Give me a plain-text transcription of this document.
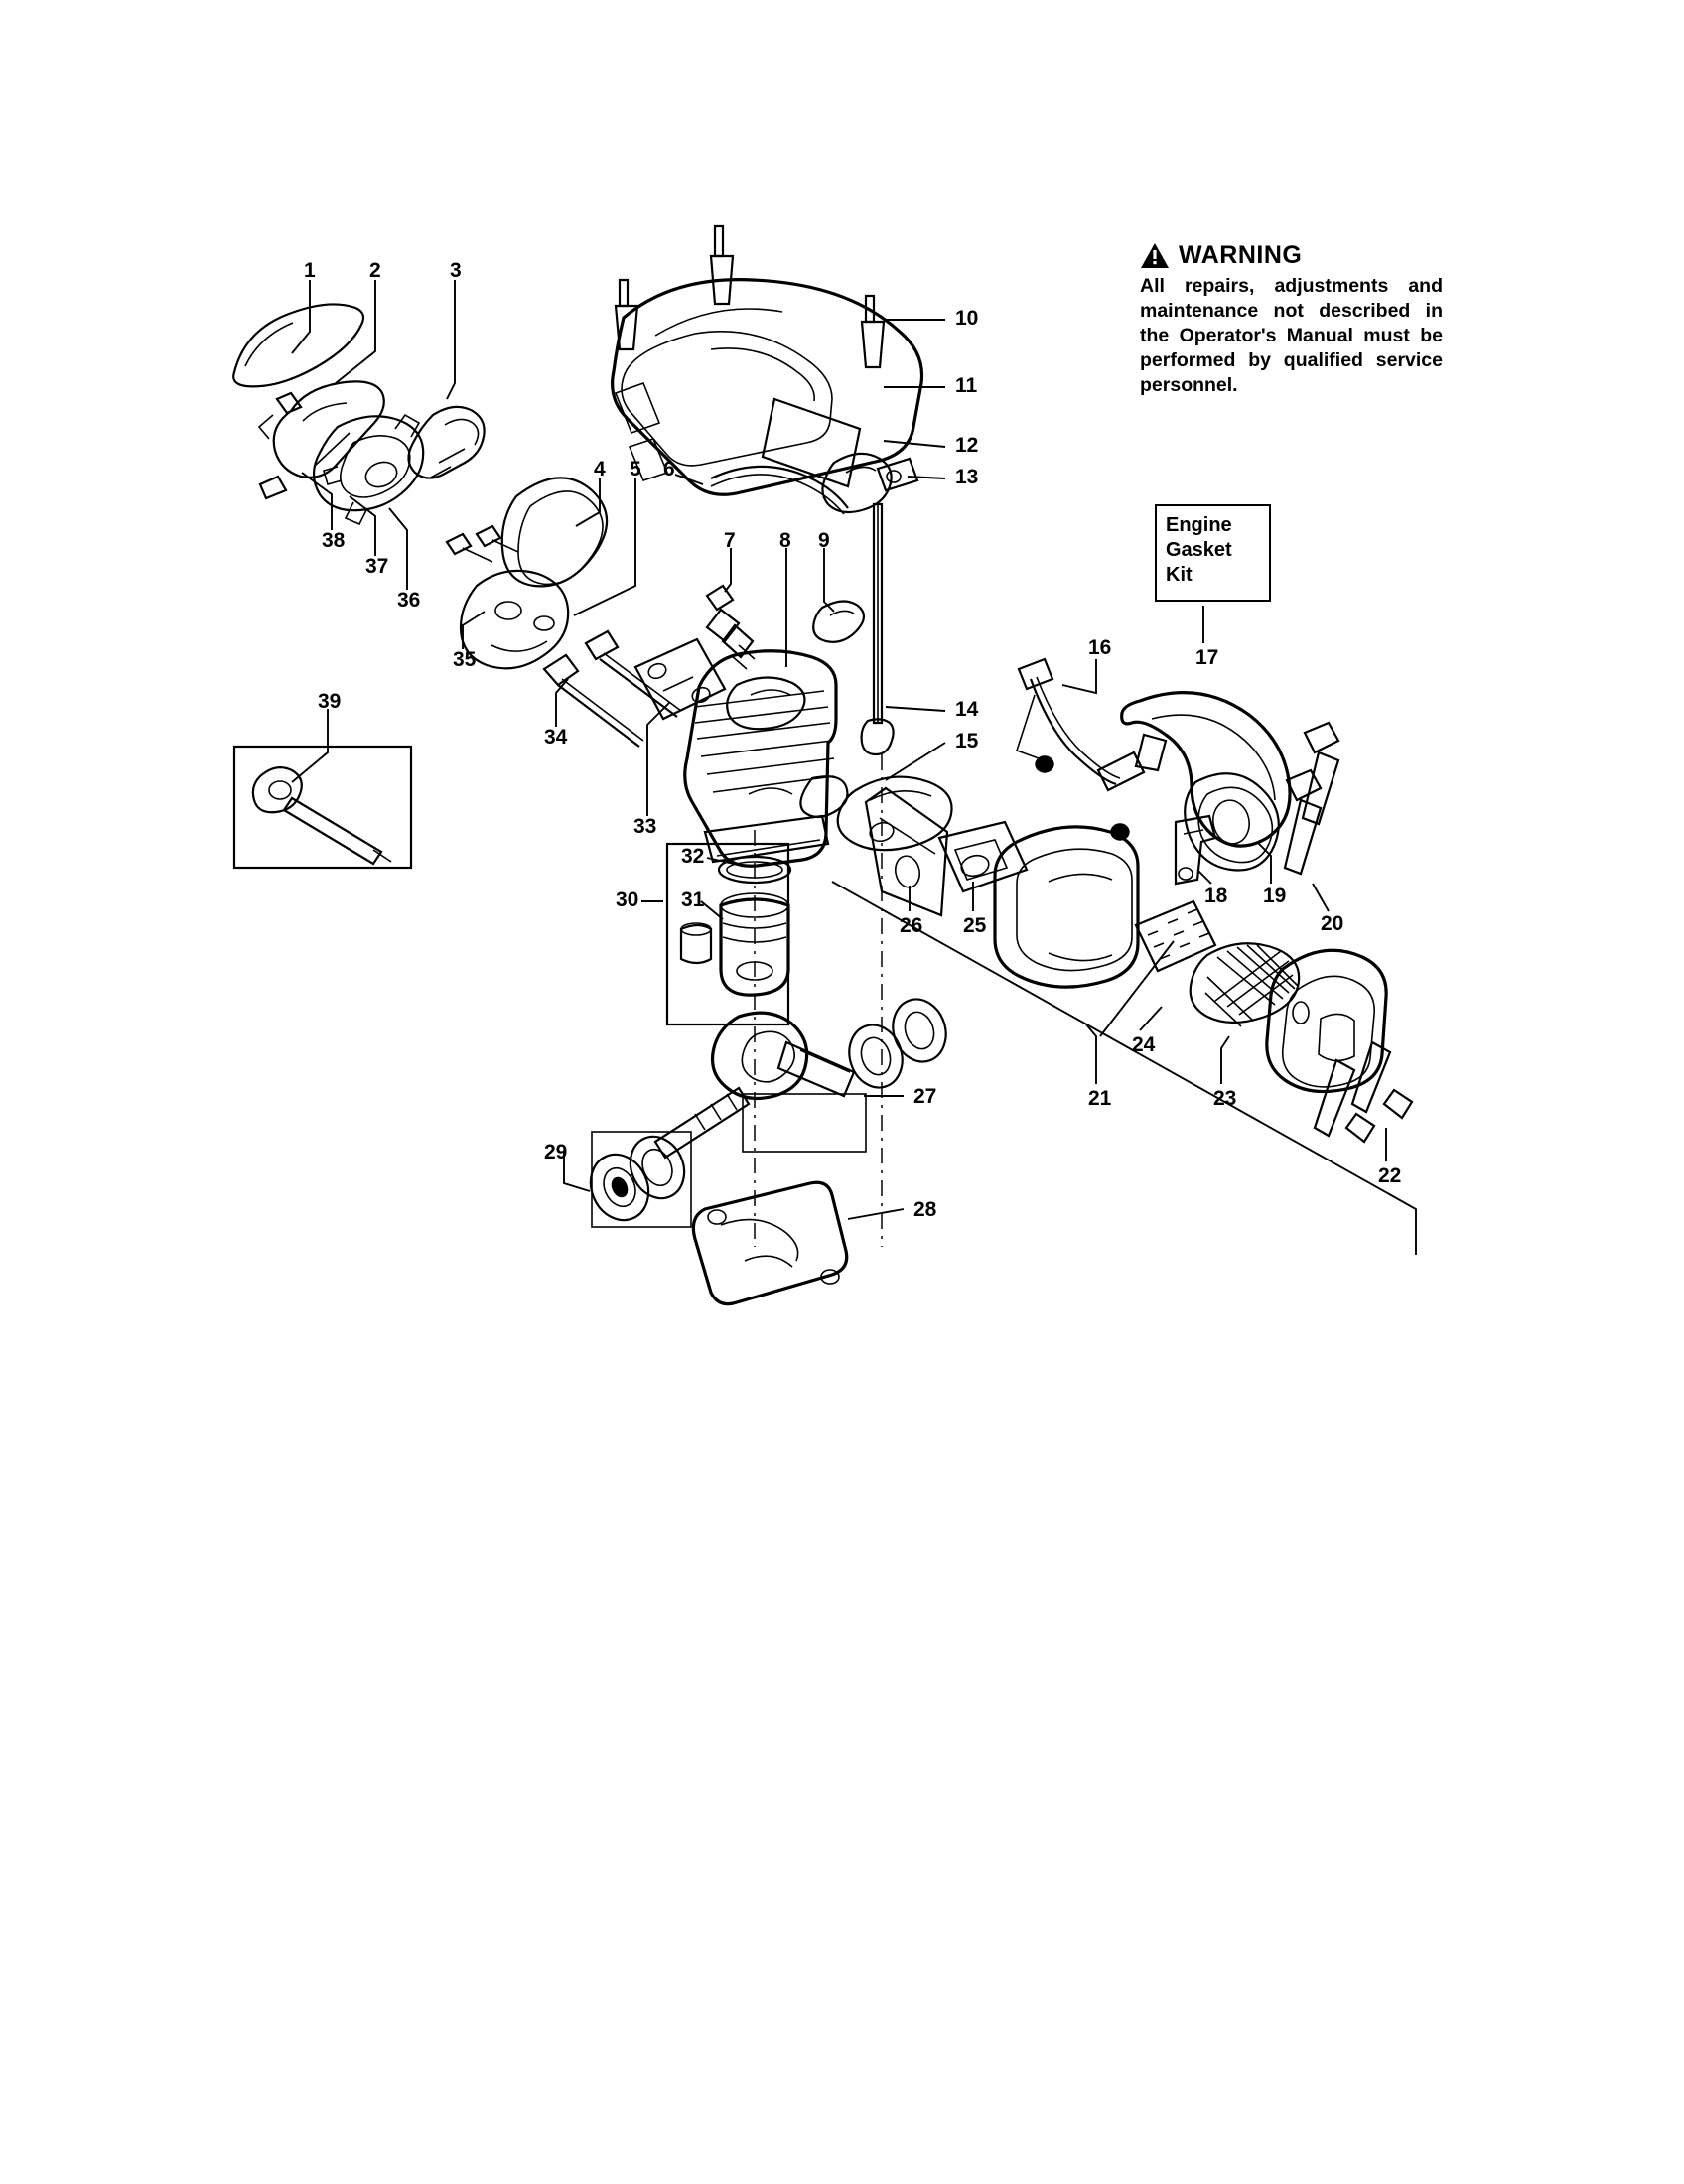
1	2	3
4 5 6
7 8 9
10
11
12
13
14
15
16	17
18 19
20
21
22
23
24
25
26
27
28
29
30 31
32
33
34
35
36
37
38
39
WARNING
All repairs, adjustments and maintenance not described in the Operator's Manual must be performed by qualified service personnel.
Engine
Gasket
Kit
